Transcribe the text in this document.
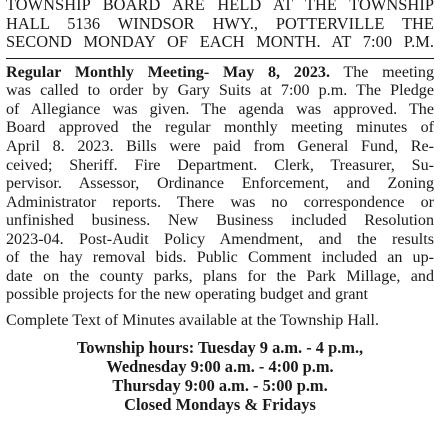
TOWNSHIP BOARD ARE HELD AT THE TOWNSHIP
HALL 5136 WINDSOR HWY., POTTERVILLE THE
SECOND MONDAY OF EACH MONTH. AT 7:00 P.M.
Regular Monthly Meeting- May 8, 2023. The meeting
was called to order by Gary Suits at 7:00 p.m. The Pledge
of Allegiance was given. The agenda was approved. The
Board approved the regular monthly meeting minutes of
April 8. 2023. Bills were paid from General Fund, Re-
ceived; Sheriff. Fire Department. Clerk, Treasurer, Su-
pervisor. Assessor, Ordinance Enforcement, and Zoning
Administrator reports. There was no correspondence or
unfinished business. New Business included Resolution
2023-04. Post-Audit Policy Amendment, and the results
of the hay removal bids. Public Comment included an up-
date on the county parks, plans for the Park Millage, and
possible projects for the new operating budget and grant
Complete Text of Minutes available at the Township Hall.
Township hours: Tuesday 9 a.m. - 4 p.m.,
Wednesday 9:00 a.m. - 4:00 p.m.
Thursday 9:00 a.m. - 5:00 p.m.
Closed Mondays & Fridays
